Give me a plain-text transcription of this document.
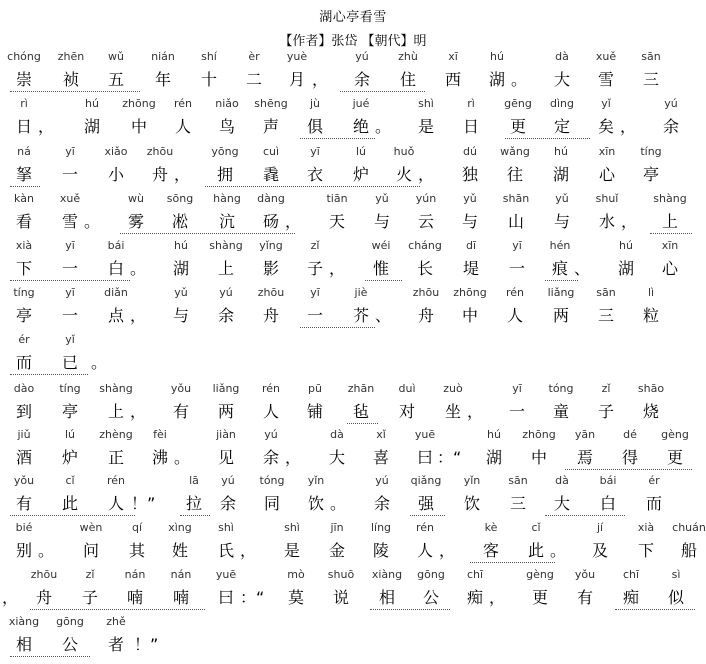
湖心亭看雪
【作者】张岱 【朝代】明
chóng
崇
zhēn
祯
wǔ
五
nián
年
shí
十
èr
二
yuè
月 ，
yú
余
zhù
住
xī
西
hú
湖 。
dà
大
xuě
雪
sān
三
rì
日 ，
hú
湖
zhōng
中
rén
人
niǎo
鸟
shēng
声
jù
俱
jué
绝 。
shì
是
rì
日
gēng
更
dìng
定
yǐ
矣 ，
yú
余
ná
拏
yī
一
xiǎo
小
zhōu
舟 ，
yōng
拥
cuì
毳
yī
衣
lú
炉
huǒ
火 ，
dú
独
wǎng
往
hú
湖
xīn
心
tíng
亭
kàn
看
xuě
雪 。
wù
雾
sōng
凇
hàng
沆
dàng
砀 ，
tiān
天
yǔ
与
yún
云
yǔ
与
shān
山
yǔ
与
shuǐ
水 ，
shàng
上
xià
下
yī
一
bái
白 。
hú
湖
shàng
上
yǐng
影
zǐ
子 ，
wéi
惟
cháng
长
dī
堤
yī
一
hén
痕 、
hú
湖
xīn
心
tíng
亭
yī
一
diǎn
点 ，
yǔ
与
yú
余
zhōu
舟
yī
一
jiè
芥 、
zhōu
舟
zhōng
中
rén
人
liǎng
两
sān
三
lì
粒
ér
而
yǐ
已 。
dào
到
tíng
亭
shàng
上 ，
yǒu
有
liǎng
两
rén
人
pū
铺
zhān
毡
duì
对
zuò
坐 ，
yī
一
tóng
童
zǐ
子
shāo
烧
jiǔ
酒
lú
炉
zhèng
正
fèi
沸 。
jiàn
见
yú
余 ，
dà
大
xǐ
喜
yuē
曰 ：“
hú
湖
zhōng
中
yān
焉
dé
得
gèng
更
yǒu
有
cǐ
此
rén
人 ！”
lā
拉
yú
余
tóng
同
yǐn
饮 。
yú
余
qiǎng
强
yǐn
饮
sān
三
dà
大
bái
白
ér
而
bié
别 。
wèn
问
qí
其
xìng
姓
shì
氏 ，
shì
是
jīn
金
líng
陵
rén
人 ，
kè
客
cǐ
此 。
jí
及
xià
下
chuán
船
，
zhōu
舟
zǐ
子
nán
喃
nán
喃
yuē
曰 ：“
mò
莫
shuō
说
xiàng
相
gōng
公
chī
痴 ，
gèng
更
yǒu
有
chī
痴
sì
似
xiàng
相
gōng
公
zhě
者 ！”
